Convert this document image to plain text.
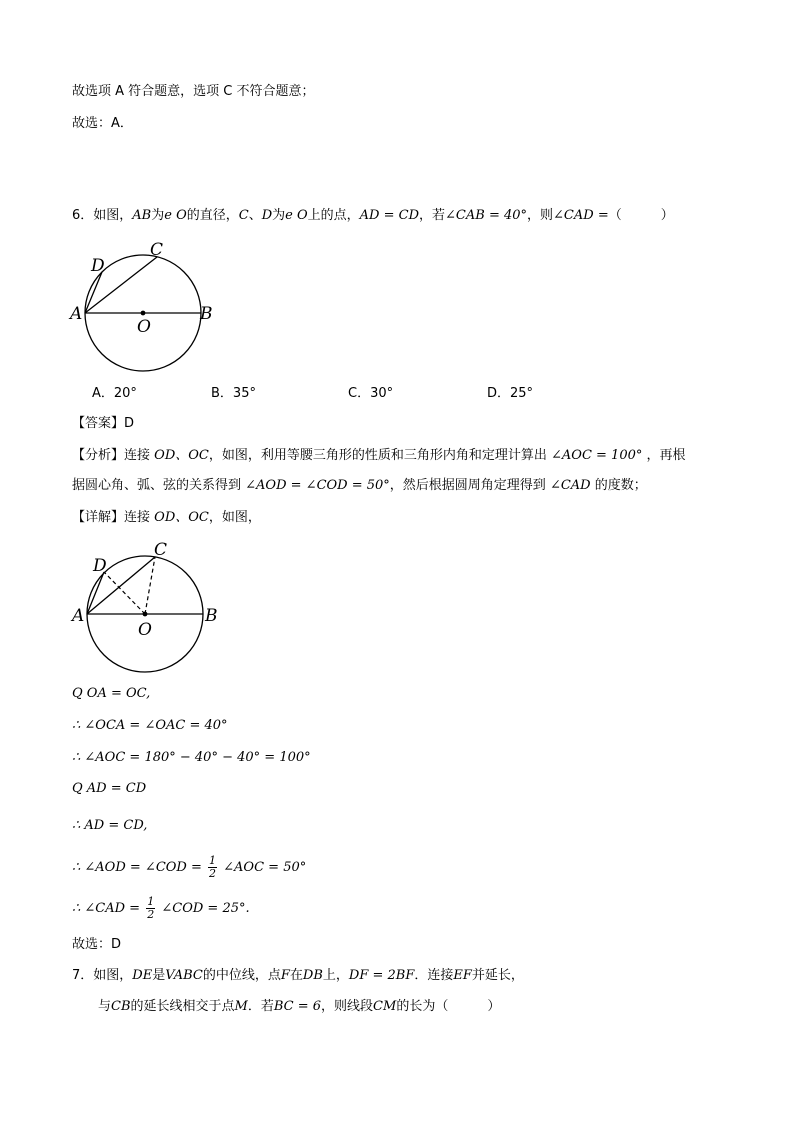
故选项 A 符合题意，选项 C 不符合题意；
故选：A．
6．如图，AB为e O的直径，C、D为e O上的点，AD = CD，若∠CAB = 40°，则∠CAD =（　　　）
A	B
C
D
O
A．20°	B．35°	C．30°	D．25°
【答案】D
【分析】连接 OD、OC，如图，利用等腰三角形的性质和三角形内角和定理计算出 ∠AOC = 100° ，再根
据圆心角、弧、弦的关系得到 ∠AOD = ∠COD = 50°，然后根据圆周角定理得到 ∠CAD 的度数；
【详解】连接 OD、OC，如图，
A	B
C
D
O
Q OA = OC,
∴ ∠OCA = ∠OAC = 40°
∴ ∠AOC = 180° − 40° − 40° = 100°
Q AD = CD
∴ AD = CD,
∴ ∠AOD = ∠COD = $\frac{1}{2}$ ∠AOC = 50°
∴ ∠CAD = $\frac{1}{2}$ ∠COD = 25°.
故选：D
7．如图，DE是VABC的中位线，点F在DB上，DF = 2BF．连接EF并延长，
与CB的延长线相交于点M．若BC = 6，则线段CM的长为（　　　）
